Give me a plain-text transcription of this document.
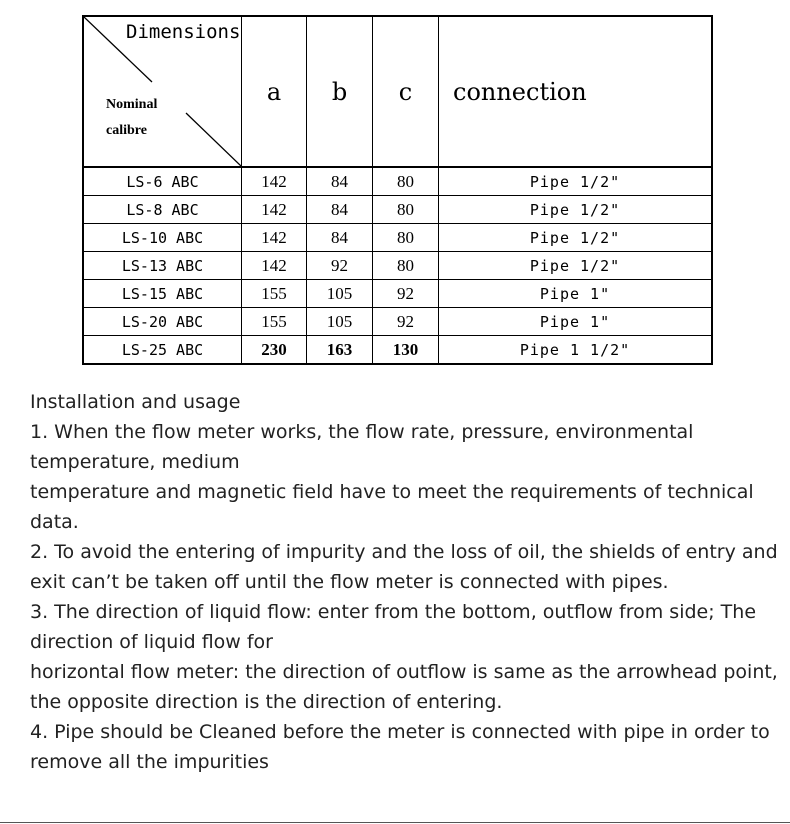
Dimensions
Nominal
calibre	a	b	c	connection
LS-6 ABC	142	84	80	Pipe 1/2"
LS-8 ABC	142	84	80	Pipe 1/2"
LS-10 ABC	142	84	80	Pipe 1/2"
LS-13 ABC	142	92	80	Pipe 1/2"
LS-15 ABC	155	105	92	Pipe 1"
LS-20 ABC	155	105	92	Pipe 1"
LS-25 ABC	230	163	130	Pipe 1 1/2"

Installation and usage

1. When the flow meter works, the flow rate, pressure, environmental temperature, medium

temperature and magnetic field have to meet the requirements of technical data.

2. To avoid the entering of impurity and the loss of oil, the shields of entry and exit can’t be taken off until the flow meter is connected with pipes.

3. The direction of liquid flow: enter from the bottom, outflow from side; The direction of liquid flow for

horizontal flow meter: the direction of outflow is same as the arrowhead point, the opposite direction is the direction of entering.

4. Pipe should be Cleaned before the meter is connected with pipe in order to remove all the impurities
